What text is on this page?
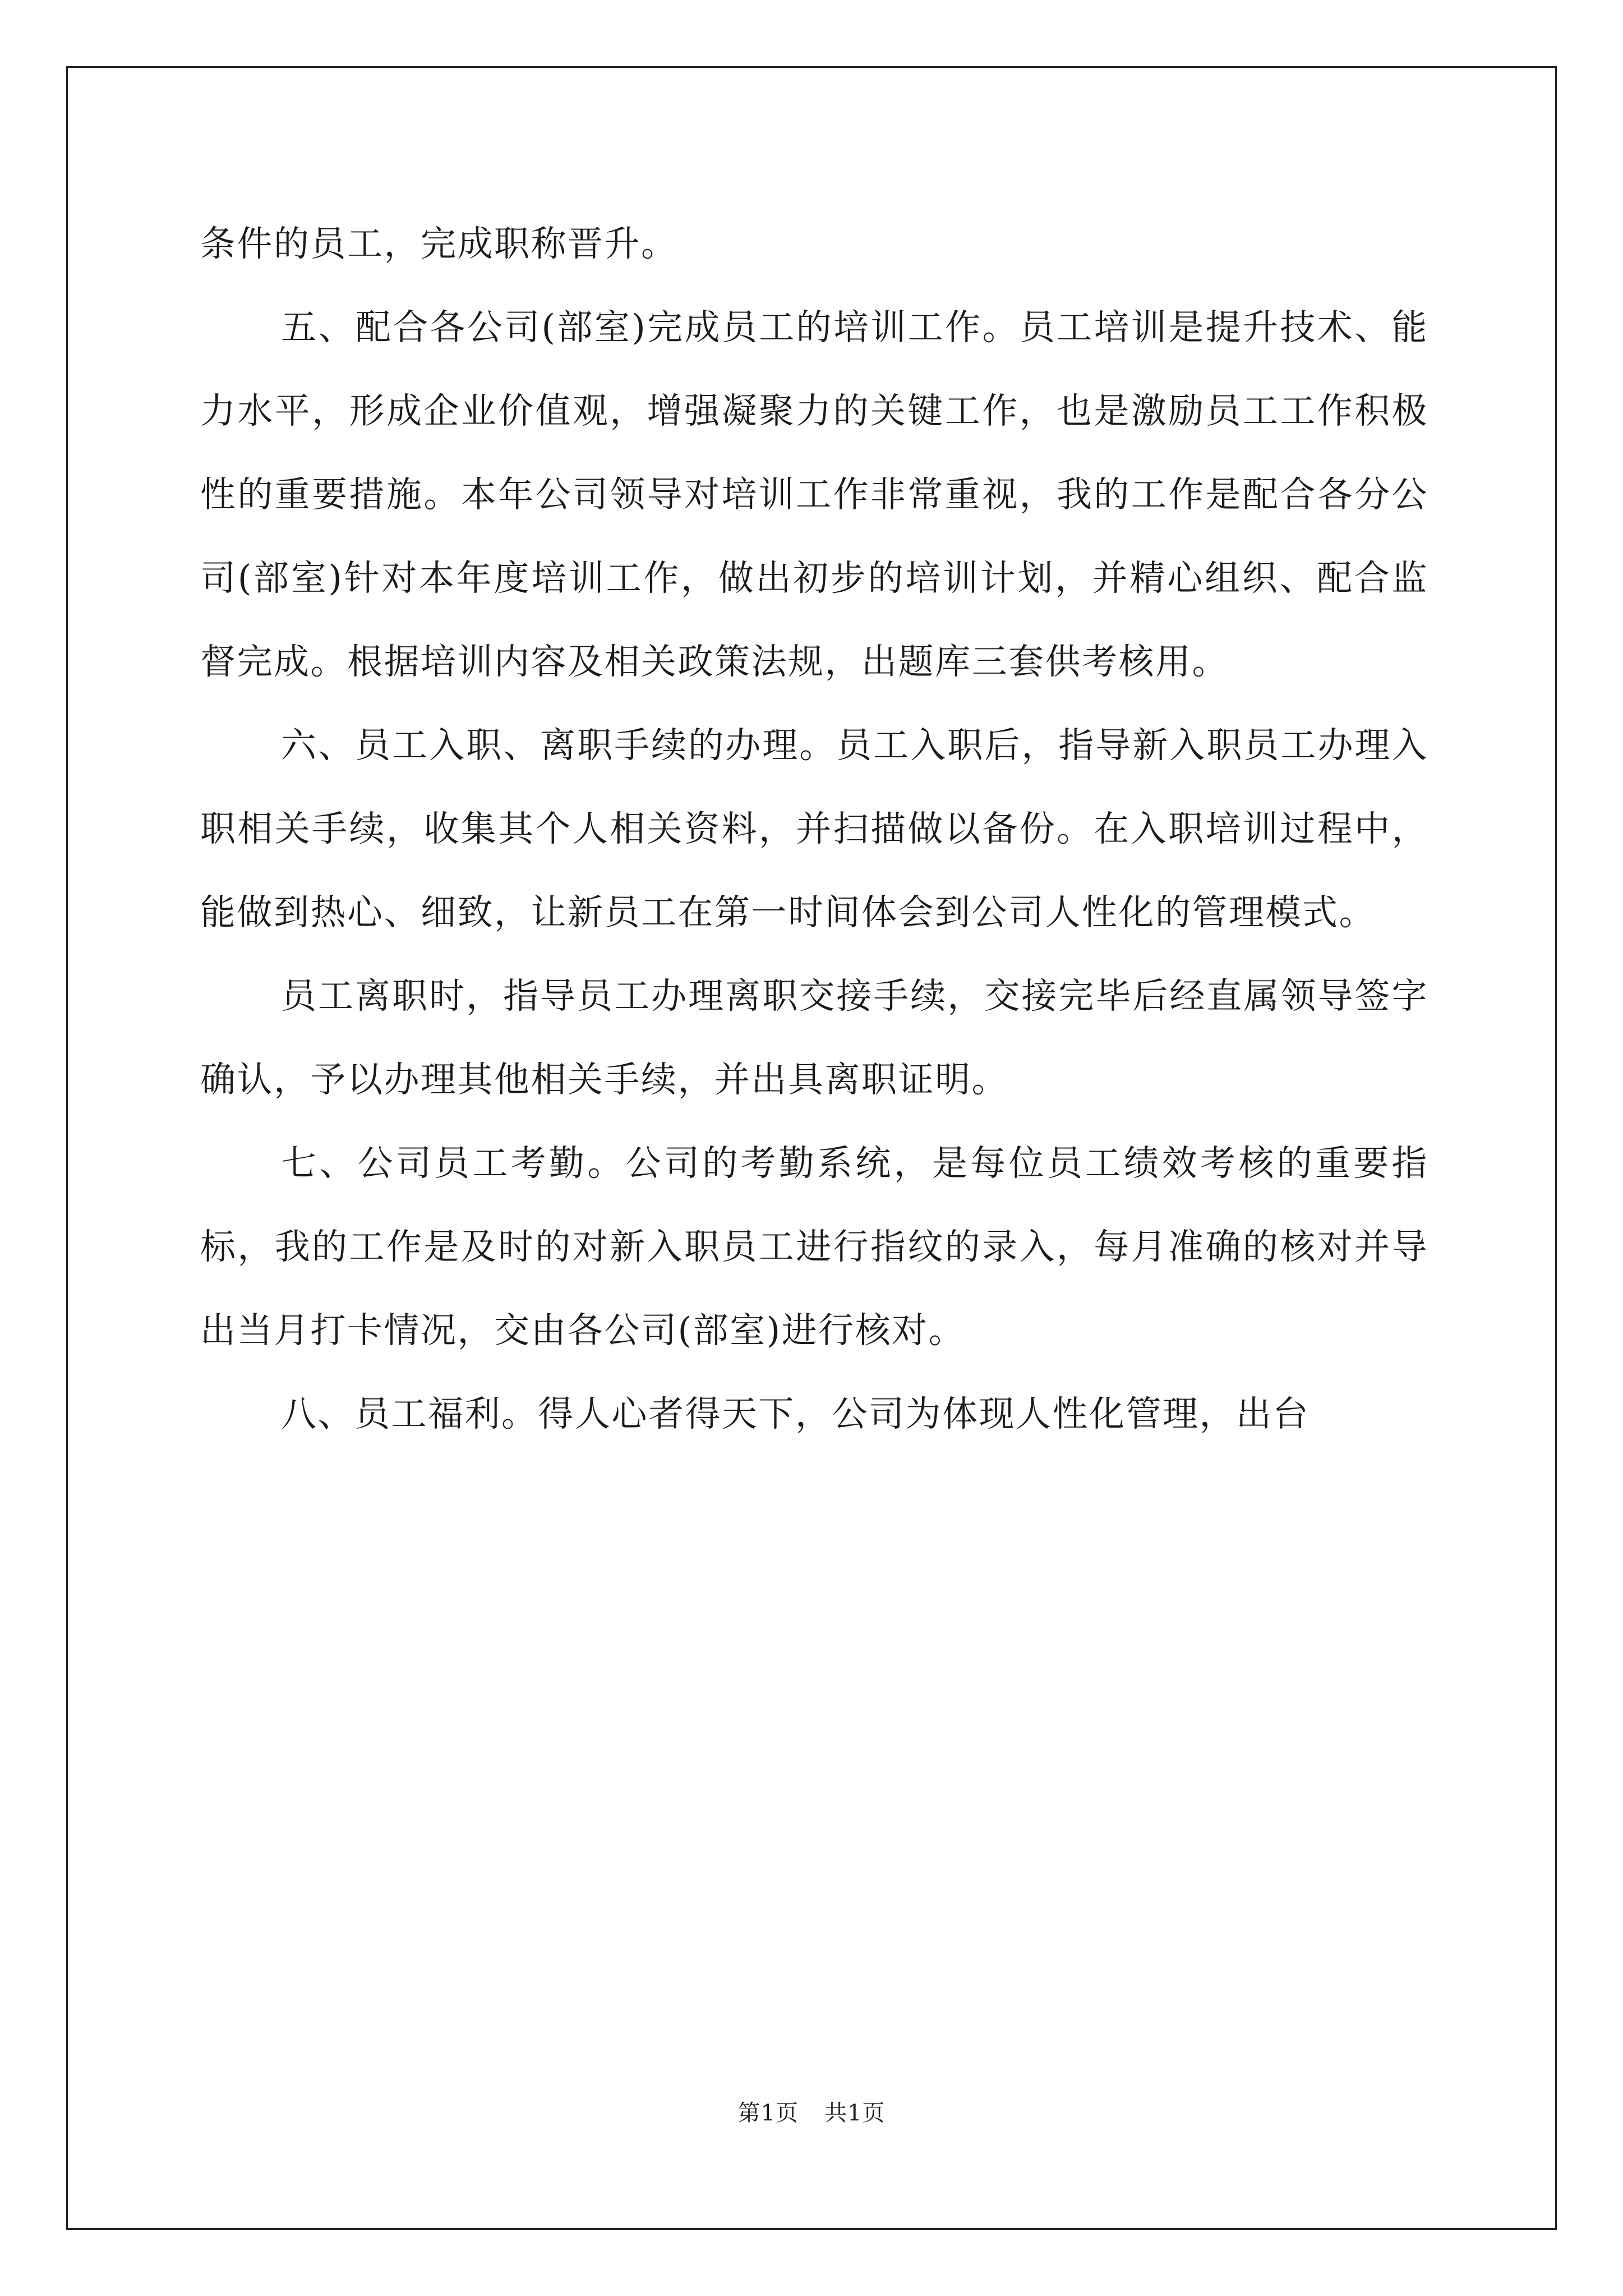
条件的员工，完成职称晋升。

五、配合各公司(部室)完成员工的培训工作。员工培训是提升技术、能力水平，形成企业价值观，增强凝聚力的关键工作，也是激励员工工作积极性的重要措施。本年公司领导对培训工作非常重视，我的工作是配合各分公司(部室)针对本年度培训工作，做出初步的培训计划，并精心组织、配合监督完成。根据培训内容及相关政策法规，出题库三套供考核用。

六、员工入职、离职手续的办理。员工入职后，指导新入职员工办理入职相关手续，收集其个人相关资料，并扫描做以备份。在入职培训过程中，能做到热心、细致，让新员工在第一时间体会到公司人性化的管理模式。

员工离职时，指导员工办理离职交接手续，交接完毕后经直属领导签字确认，予以办理其他相关手续，并出具离职证明。

七、公司员工考勤。公司的考勤系统，是每位员工绩效考核的重要指标，我的工作是及时的对新入职员工进行指纹的录入，每月准确的核对并导出当月打卡情况，交由各公司(部室)进行核对。

八、员工福利。得人心者得天下，公司为体现人性化管理，出台

第1页 共1页
